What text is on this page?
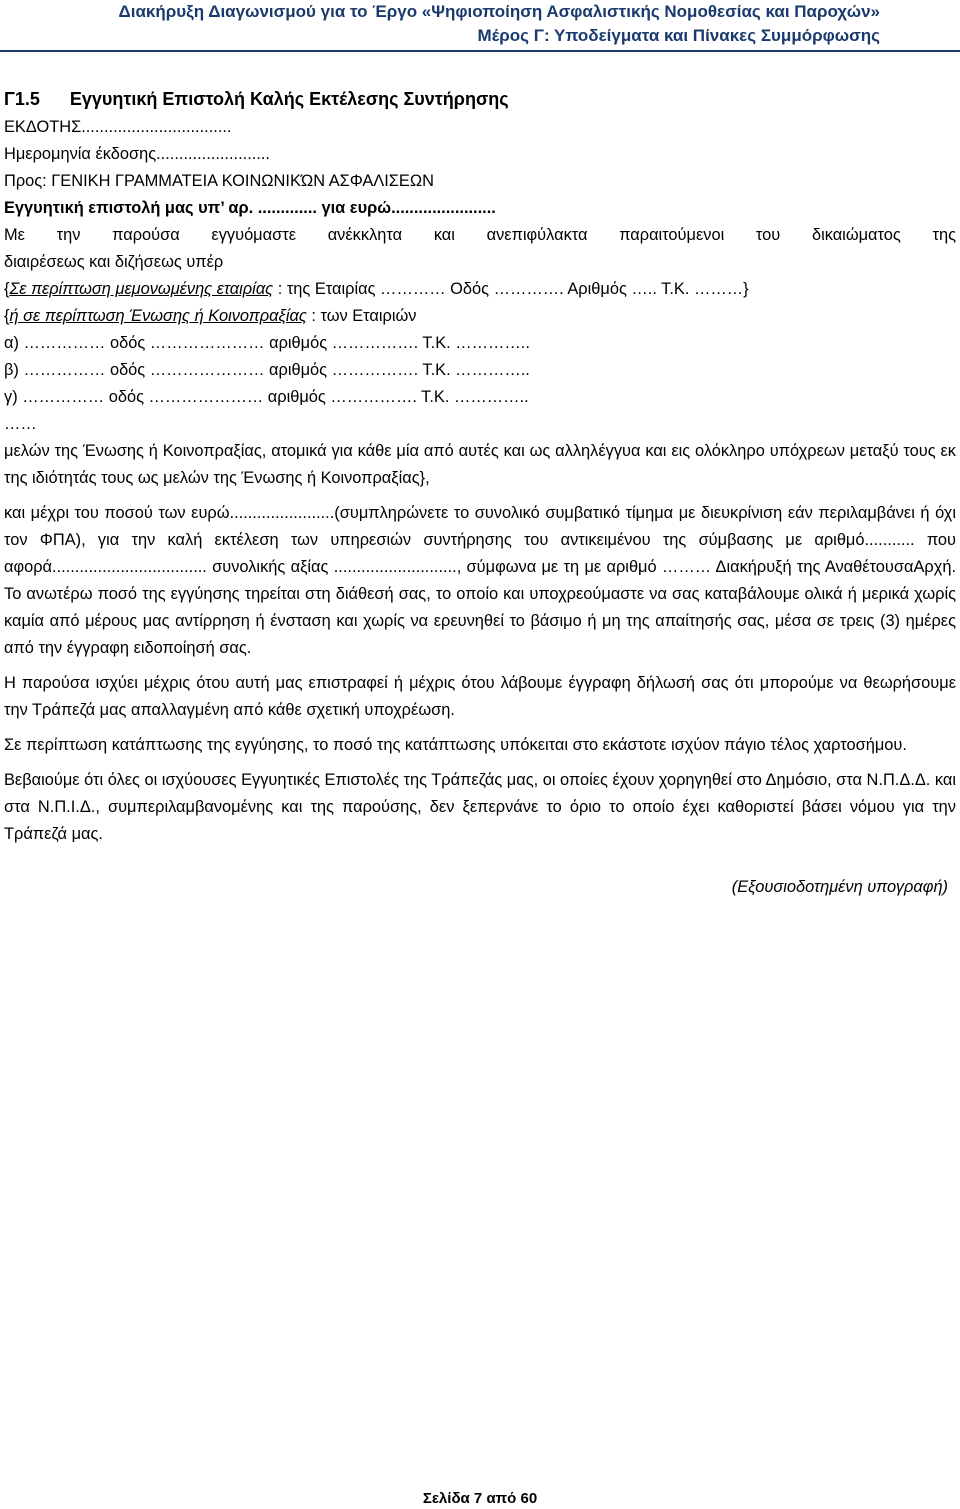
Διακήρυξη Διαγωνισμού για το Έργο «Ψηφιοποίηση Ασφαλιστικής Νομοθεσίας και Παροχών»
Μέρος Γ: Υποδείγματα και Πίνακες Συμμόρφωσης
Γ1.5      Εγγυητική Επιστολή Καλής Εκτέλεσης Συντήρησης
ΕΚΔΟΤΗΣ.................................
Ημερομηνία έκδοσης.........................
Προς: ΓΕΝΙΚΗ ΓΡΑΜΜΑΤΕΙΑ ΚΟΙΝΩΝΙΚΏΝ ΑΣΦΑΛΙΣΕΩΝ
Εγγυητική επιστολή μας υπ’ αρ. ............. για ευρώ.......................
Με την παρούσα εγγυόμαστε ανέκκλητα και ανεπιφύλακτα παραιτούμενοι του δικαιώματος της
διαιρέσεως και διζήσεως υπέρ
{Σε περίπτωση μεμονωμένης εταιρίας : της Εταιρίας ………… Οδός …………. Αριθμός ….. Τ.Κ. ………}
{ή σε περίπτωση Ένωσης ή Κοινοπραξίας : των Εταιριών
α) …………… οδός ………………… αριθμός ……………. Τ.Κ. …………..
β) …………… οδός ………………… αριθμός ……………. Τ.Κ. …………..
γ) …………… οδός ………………… αριθμός ……………. Τ.Κ. …………..
……
μελών της Ένωσης ή Κοινοπραξίας, ατομικά για κάθε μία από αυτές και ως αλληλέγγυα και εις ολόκληρο υπόχρεων μεταξύ τους εκ της ιδιότητάς τους ως μελών της Ένωσης ή Κοινοπραξίας},
και μέχρι του ποσού των ευρώ.......................(συμπληρώνετε το συνολικό συμβατικό τίμημα με διευκρίνιση εάν περιλαμβάνει ή όχι τον ΦΠΑ), για την καλή εκτέλεση των υπηρεσιών συντήρησης του αντικειμένου της σύμβασης με αριθμό........... που αφορά.................................. συνολικής αξίας ..........................., σύμφωνα με τη με αριθμό ……… Διακήρυξή της ΑναθέτουσαΑρχή. Το ανωτέρω ποσό της εγγύησης τηρείται στη διάθεσή σας, το οποίο και υποχρεούμαστε να σας καταβάλουμε ολικά ή μερικά χωρίς καμία από μέρους μας αντίρρηση ή ένσταση και χωρίς να ερευνηθεί το βάσιμο ή μη της απαίτησής σας, μέσα σε τρεις (3) ημέρες από την έγγραφη ειδοποίησή σας.
Η παρούσα ισχύει μέχρις ότου αυτή μας επιστραφεί ή μέχρις ότου λάβουμε έγγραφη δήλωσή σας ότι μπορούμε να θεωρήσουμε την Τράπεζά μας απαλλαγμένη από κάθε σχετική υποχρέωση.
Σε περίπτωση κατάπτωσης της εγγύησης, το ποσό της κατάπτωσης υπόκειται στο εκάστοτε ισχύον πάγιο τέλος χαρτοσήμου.
Βεβαιούμε ότι όλες οι ισχύουσες Εγγυητικές Επιστολές της Τράπεζάς μας, οι οποίες έχουν χορηγηθεί στο Δημόσιο, στα Ν.Π.Δ.Δ. και στα Ν.Π.Ι.Δ., συμπεριλαμβανομένης και της παρούσης, δεν ξεπερνάνε το όριο το οποίο έχει καθοριστεί βάσει νόμου για την Τράπεζά μας.
(Εξουσιοδοτημένη υπογραφή)
Σελίδα 7 από 60
